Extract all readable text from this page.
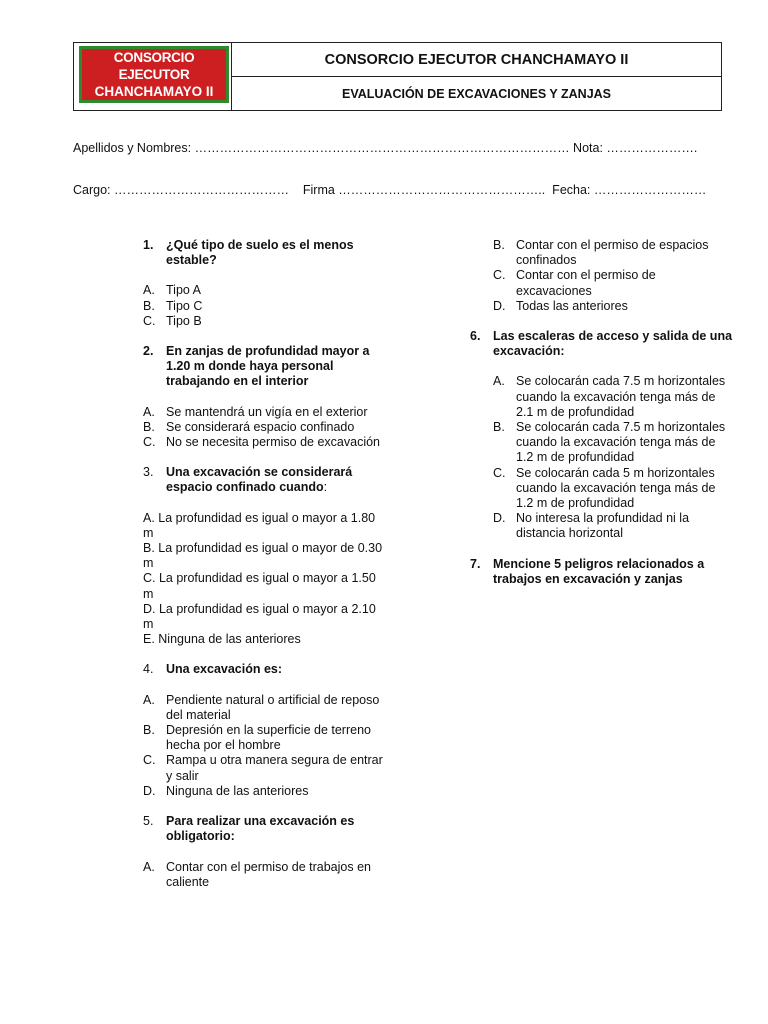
CONSORCIO EJECUTOR
CHANCHAMAYO II
CONSORCIO EJECUTOR CHANCHAMAYO II
EVALUACIÓN DE EXCAVACIONES Y ZANJAS
Apellidos y Nombres: ……………………………………………………………………………… Nota: ………………….
Cargo: ……………………………………    Firma …………………………………………..  Fecha: ………………………
1. ¿Qué tipo de suelo es el menos estable?
A. Tipo A
B. Tipo C
C. Tipo B
2. En zanjas de profundidad mayor a 1.20 m donde haya personal trabajando en el interior
A. Se mantendrá un vigía en el exterior
B. Se considerará espacio confinado
C. No se necesita permiso de excavación
3. Una excavación se considerará espacio confinado cuando:
A. La profundidad es igual o mayor a 1.80 m
B. La profundidad es igual o mayor de 0.30 m
C. La profundidad es igual o mayor a 1.50 m
D. La profundidad es igual o mayor a 2.10 m
E. Ninguna de las anteriores
4. Una excavación es:
A. Pendiente natural o artificial de reposo del material
B. Depresión en la superficie de terreno hecha por el hombre
C. Rampa u otra manera segura de entrar y salir
D. Ninguna de las anteriores
5. Para realizar una excavación es obligatorio:
A. Contar con el permiso de trabajos en caliente
B. Contar con el permiso de espacios confinados
C. Contar con el permiso de excavaciones
D. Todas las anteriores
6. Las escaleras de acceso y salida de una excavación:
A. Se colocarán cada 7.5 m horizontales cuando la excavación tenga más de 2.1 m de profundidad
B. Se colocarán cada 7.5 m horizontales cuando la excavación tenga más de 1.2 m de profundidad
C. Se colocarán cada 5 m horizontales cuando la excavación tenga más de 1.2 m de profundidad
D. No interesa la profundidad ni la distancia horizontal
7. Mencione 5 peligros relacionados a trabajos en excavación y zanjas
